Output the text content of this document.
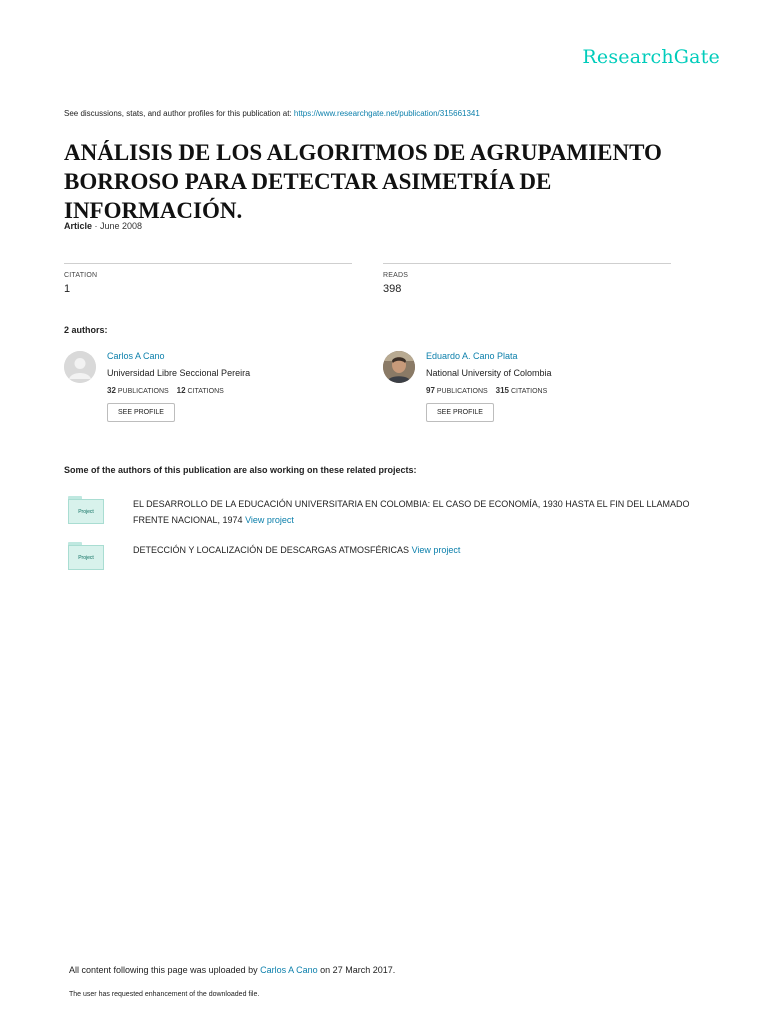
ResearchGate
See discussions, stats, and author profiles for this publication at: https://www.researchgate.net/publication/315661341
ANÁLISIS DE LOS ALGORITMOS DE AGRUPAMIENTO
BORROSO PARA DETECTAR ASIMETRÍA DE INFORMACIÓN.
Article · June 2008
CITATION
1
READS
398
2 authors:
Carlos A Cano
Universidad Libre Seccional Pereira
32 PUBLICATIONS 12 CITATIONS
SEE PROFILE
Eduardo A. Cano Plata
National University of Colombia
97 PUBLICATIONS 315 CITATIONS
SEE PROFILE
Some of the authors of this publication are also working on these related projects:
Project
EL DESARROLLO DE LA EDUCACIÓN UNIVERSITARIA EN COLOMBIA: EL CASO DE ECONOMÍA, 1930 HASTA EL FIN DEL LLAMADO FRENTE NACIONAL, 1974 View project
Project
DETECCIÓN Y LOCALIZACIÓN DE DESCARGAS ATMOSFÉRICAS View project
All content following this page was uploaded by Carlos A Cano on 27 March 2017.
The user has requested enhancement of the downloaded file.
